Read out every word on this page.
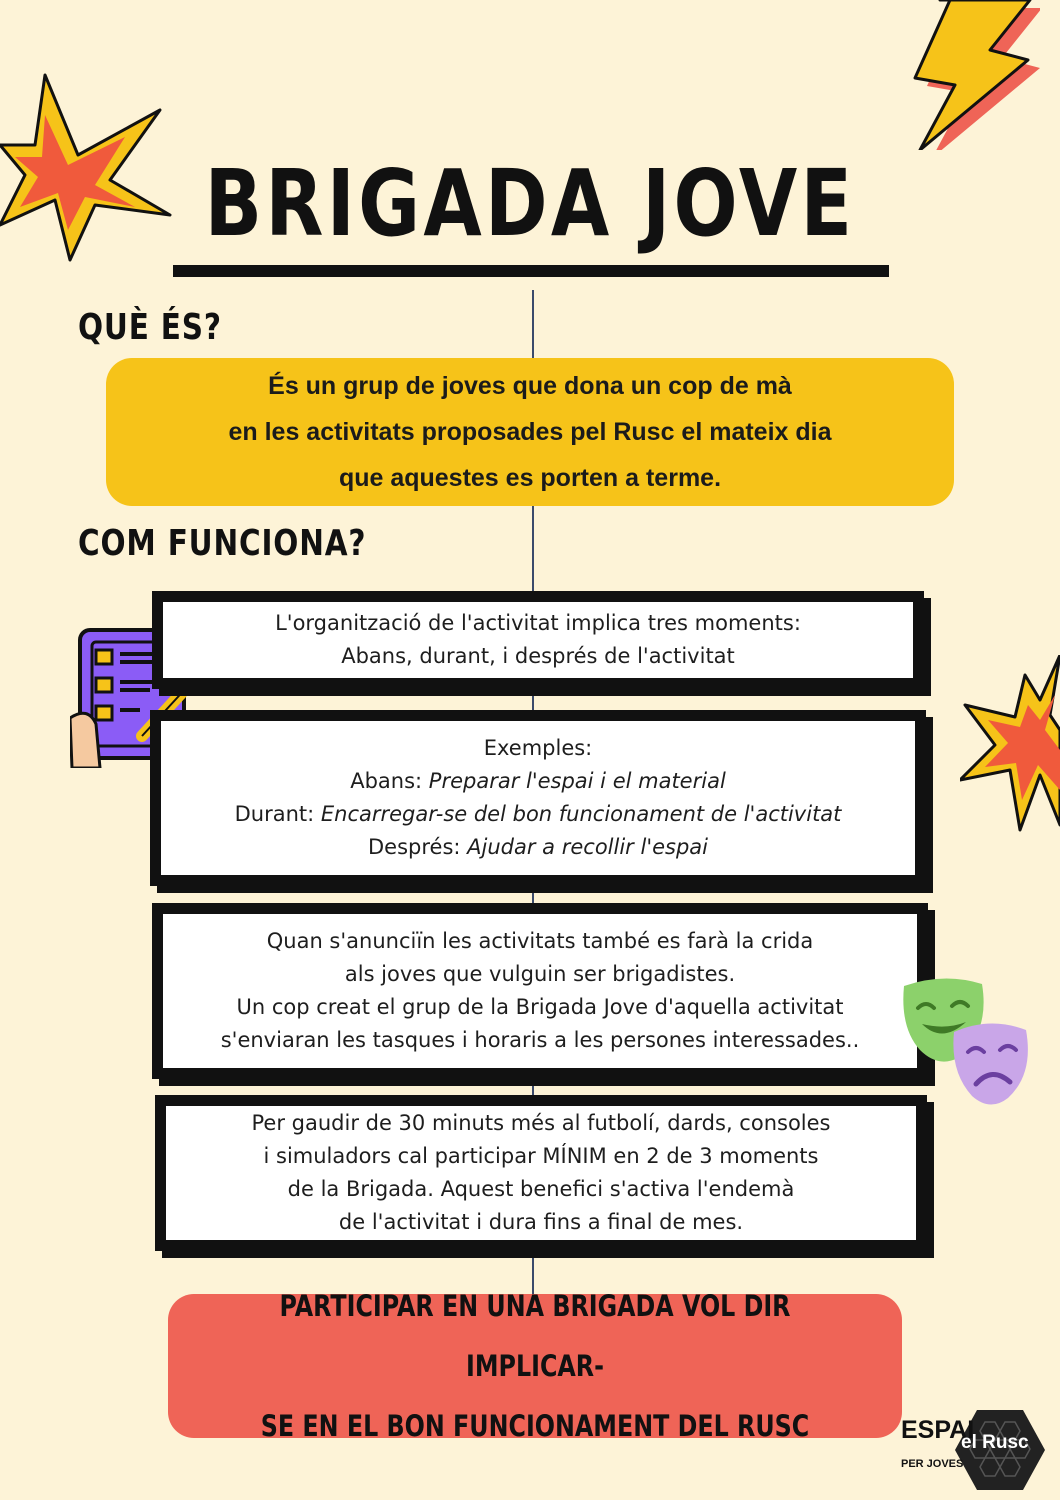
BRIGADA JOVE
QUÈ ÉS?

És un grup de joves que dona un cop de mà
en les activitats proposades pel Rusc el mateix dia
que aquestes es porten a terme.

COM FUNCIONA?

L'organització de l'activitat implica tres moments:

Abans, durant, i després de l'activitat

Exemples:

Abans: Preparar l'espai i el material

Durant: Encarregar-se del bon funcionament de l'activitat

Després: Ajudar a recollir l'espai

Quan s'anunciïn les activitats també es farà la crida

als joves que vulguin ser brigadistes.

Un cop creat el grup de la Brigada Jove d'aquella activitat

s'enviaran les tasques i horaris a les persones interessades..

Per gaudir de 30 minuts més al futbolí, dards, consoles

i simuladors cal participar MÍNIM en 2 de 3 moments

de la Brigada. Aquest benefici s'activa l'endemà

de l'activitat i dura fins a final de mes.

PARTICIPAR EN UNA BRIGADA VOL DIR IMPLICAR-
SE EN EL BON FUNCIONAMENT DEL RUSC	ESPAI
PER JOVES
el Rusc
